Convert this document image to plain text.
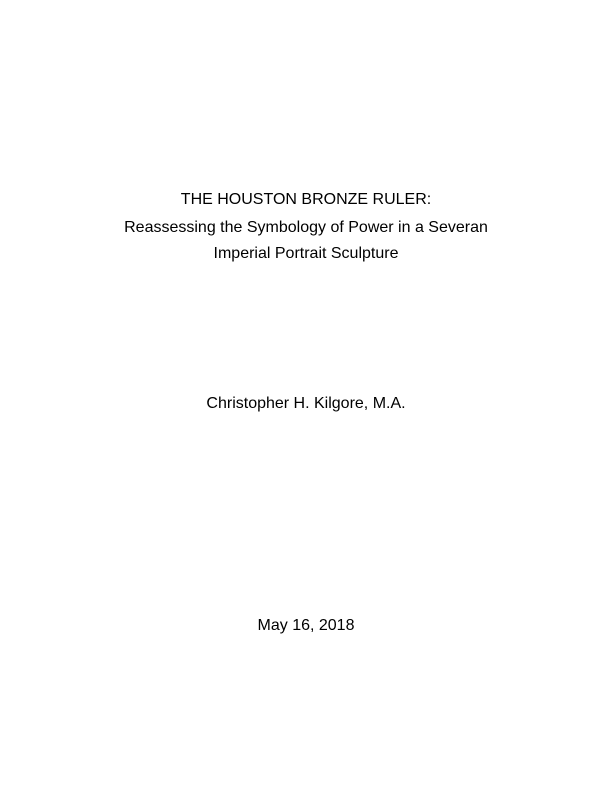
THE HOUSTON BRONZE RULER:
Reassessing the Symbology of Power in a Severan
Imperial Portrait Sculpture
Christopher H. Kilgore, M.A.
May 16, 2018
